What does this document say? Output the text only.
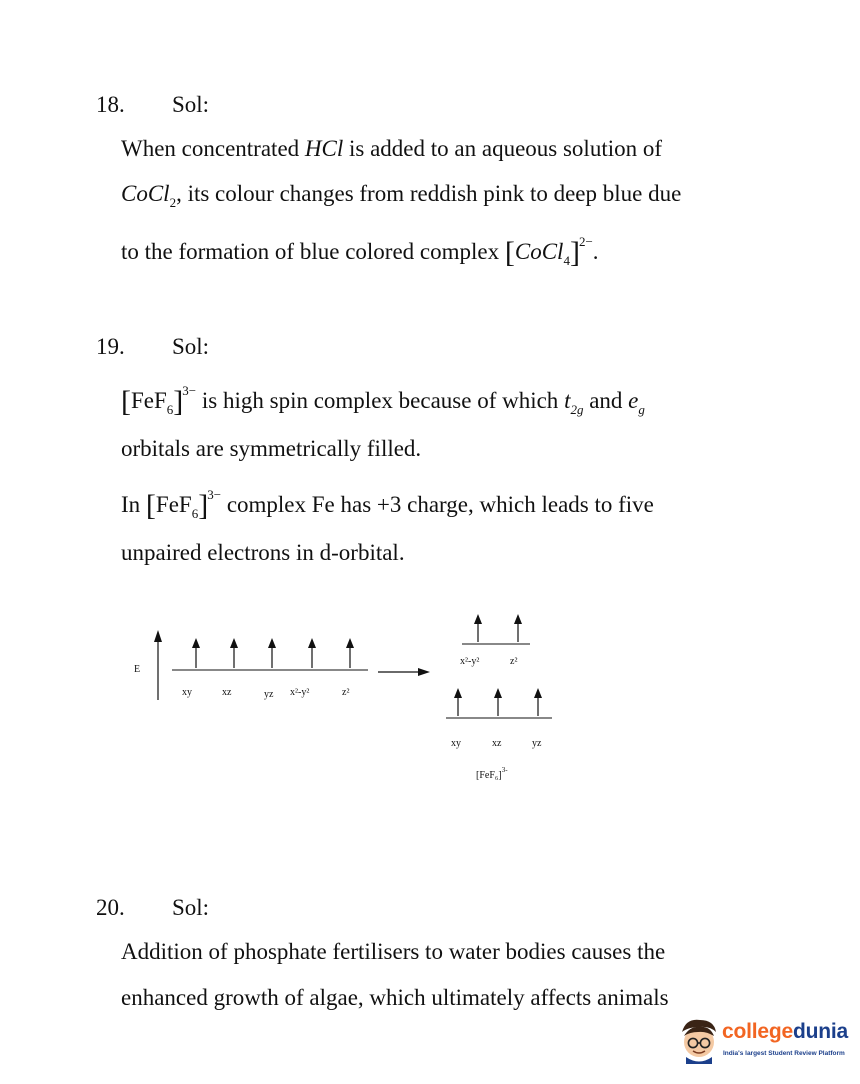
18. Sol:
When concentrated HCl is added to an aqueous solution of
CoCl$_2$, its colour changes from reddish pink to deep blue due
to the formation of blue colored complex [CoCl$_4$]$^{2-}$.
19. Sol:
$[FeF_6]^{3-}$ is high spin complex because of which $t_{2g}$ and $e_g$
orbitals are symmetrically filled.
In $[FeF_6]^{3-}$ complex Fe has +3 charge, which leads to five
unpaired electrons in d-orbital.
E
xy	xz	yz x²-y²	z²
x²-y²	z²
xy	xz	yz
$[FeF_6]^{3-}$
20. Sol:
Addition of phosphate fertilisers to water bodies causes the
enhanced growth of algae, which ultimately affects animals
collegedunia
India's largest Student Review Platform
